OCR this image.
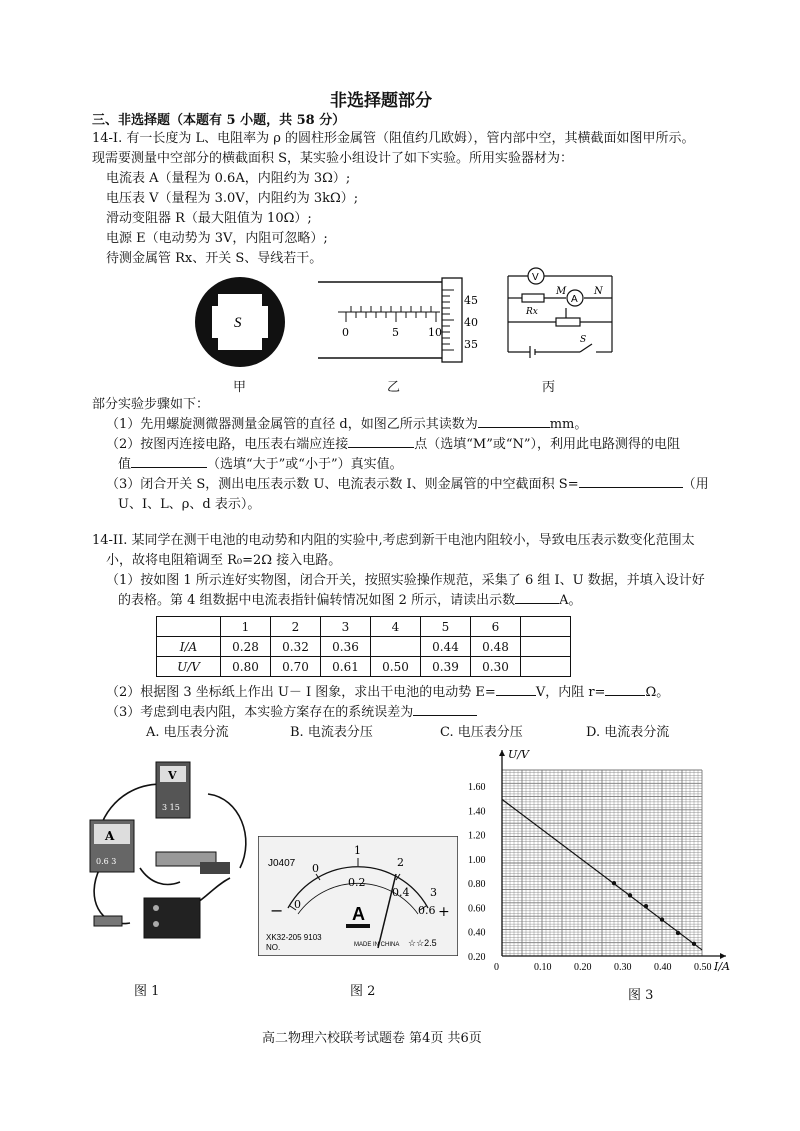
非选择题部分
三、非选择题（本题有 5 小题，共 58 分）
14-I. 有一长度为 L、电阻率为 ρ 的圆柱形金属管（阻值约几欧姆），管内部中空，其横截面如图甲所示。
现需要测量中空部分的横截面积 S，某实验小组设计了如下实验。所用实验器材为：
电流表 A（量程为 0.6A，内阻约为 3Ω）;
电压表 V（量程为 3.0V，内阻约为 3kΩ）;
滑动变阻器 R（最大阻值为 10Ω）;
电源 E（电动势为 3V，内阻可忽略）;
待测金属管 Rx、开关 S、导线若干。
S
甲
0	5	10
45
40
35
乙
V
A
M	N
Rx
S
丙
部分实验步骤如下：
（1）先用螺旋测微器测量金属管的直径 d，如图乙所示其读数为	mm。
（2）按图丙连接电路，电压表右端应连接	点（选填“M”或“N”），利用此电路测得的电阻
值	（选填“大于”或“小于”）真实值。
（3）闭合开关 S，测出电压表示数 U、电流表示数 I、则金属管的中空截面积 S=	（用
U、I、L、ρ、d 表示）。
14-II. 某同学在测干电池的电动势和内阻的实验中,考虑到新干电池内阻较小，导致电压表示数变化范围太
小，故将电阻箱调至 R₀=2Ω 接入电路。
（1）按如图 1 所示连好实物图，闭合开关，按照实验操作规范，采集了 6 组 I、U 数据，并填入设计好
的表格。第 4 组数据中电流表指针偏转情况如图 2 所示，请读出示数	A。
	1	2	3	4	5	6	
I/A	0.28	0.32	0.36		0.44	0.48	
U/V	0.80	0.70	0.61	0.50	0.39	0.30	
（2）根据图 3 坐标纸上作出 U－ I 图象，求出干电池的电动势 E=	V，内阻 r=	Ω。
（3）考虑到电表内阻，本实验方案存在的系统误差为
A. 电压表分流	B. 电流表分压	C. 电压表分压	D. 电流表分流
V
3 15
A
0.6 3
图 1
J0407 0
1
2
3
0
0.2
0.4
0.6
−	+
A
XK32-205 9103
NO.	MADE IN CHINA ☆☆2.5
图 2
0	0.10 0.20 0.30 0.40 0.50
0.20
0.40
0.60
0.80
1.00
1.20
1.40
1.60
I/A
U/V
图 3
高二物理六校联考试题卷 第4页 共6页
